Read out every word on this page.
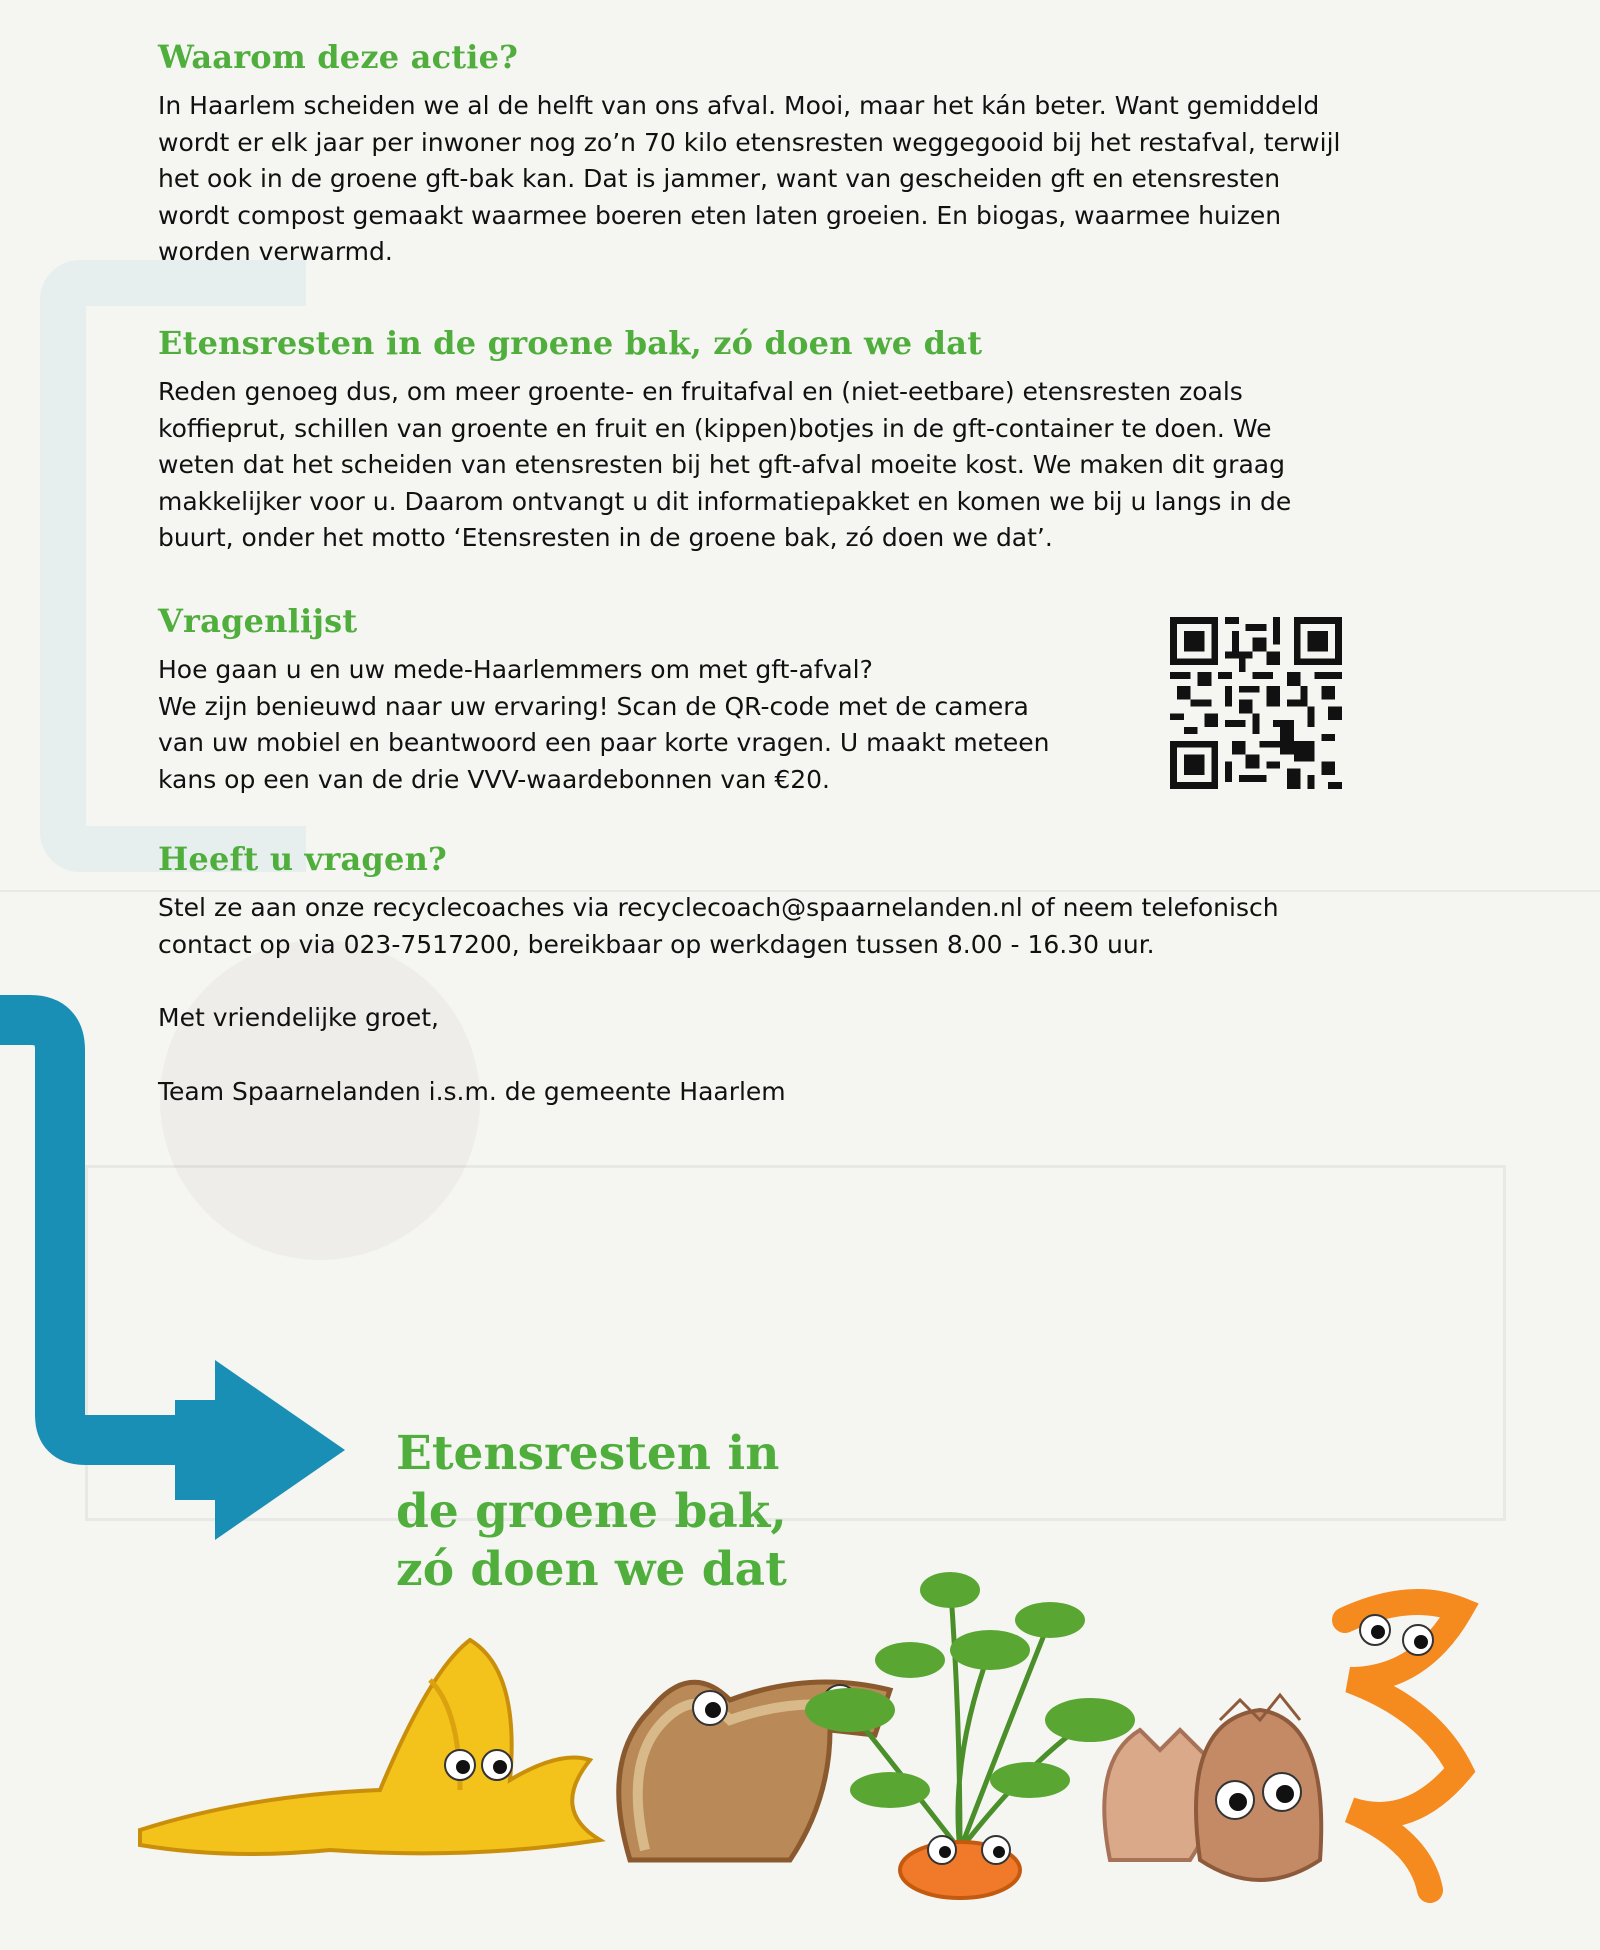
Waarom deze actie?

In Haarlem scheiden we al de helft van ons afval. Mooi, maar het kán beter. Want gemiddeld wordt er elk jaar per inwoner nog zo’n 70 kilo etensresten weggegooid bij het restafval, terwijl het ook in de groene gft-bak kan. Dat is jammer, want van gescheiden gft en etensresten wordt compost gemaakt waarmee boeren eten laten groeien. En biogas, waarmee huizen worden verwarmd.

Etensresten in de groene bak, zó doen we dat

Reden genoeg dus, om meer groente- en fruitafval en (niet-eetbare) etensresten zoals koffieprut, schillen van groente en fruit en (kippen)botjes in de gft-container te doen. We weten dat het scheiden van etensresten bij het gft-afval moeite kost. We maken dit graag makkelijker voor u. Daarom ontvangt u dit informatiepakket en komen we bij u langs in de buurt, onder het motto ‘Etensresten in de groene bak, zó doen we dat’.

Vragenlijst

Hoe gaan u en uw mede-Haarlemmers om met gft-afval?

We zijn benieuwd naar uw ervaring! Scan de QR-code met de camera

van uw mobiel en beantwoord een paar korte vragen. U maakt meteen

kans op een van de drie VVV-waardebonnen van €20.

Heeft u vragen?

Stel ze aan onze recyclecoaches via recyclecoach@spaarnelanden.nl of neem telefonisch

contact op via 023-7517200, bereikbaar op werkdagen tussen 8.00 - 16.30 uur.

Met vriendelijke groet,

Team Spaarnelanden i.s.m. de gemeente Haarlem

Etensresten in
de groene bak,
zó doen we dat
